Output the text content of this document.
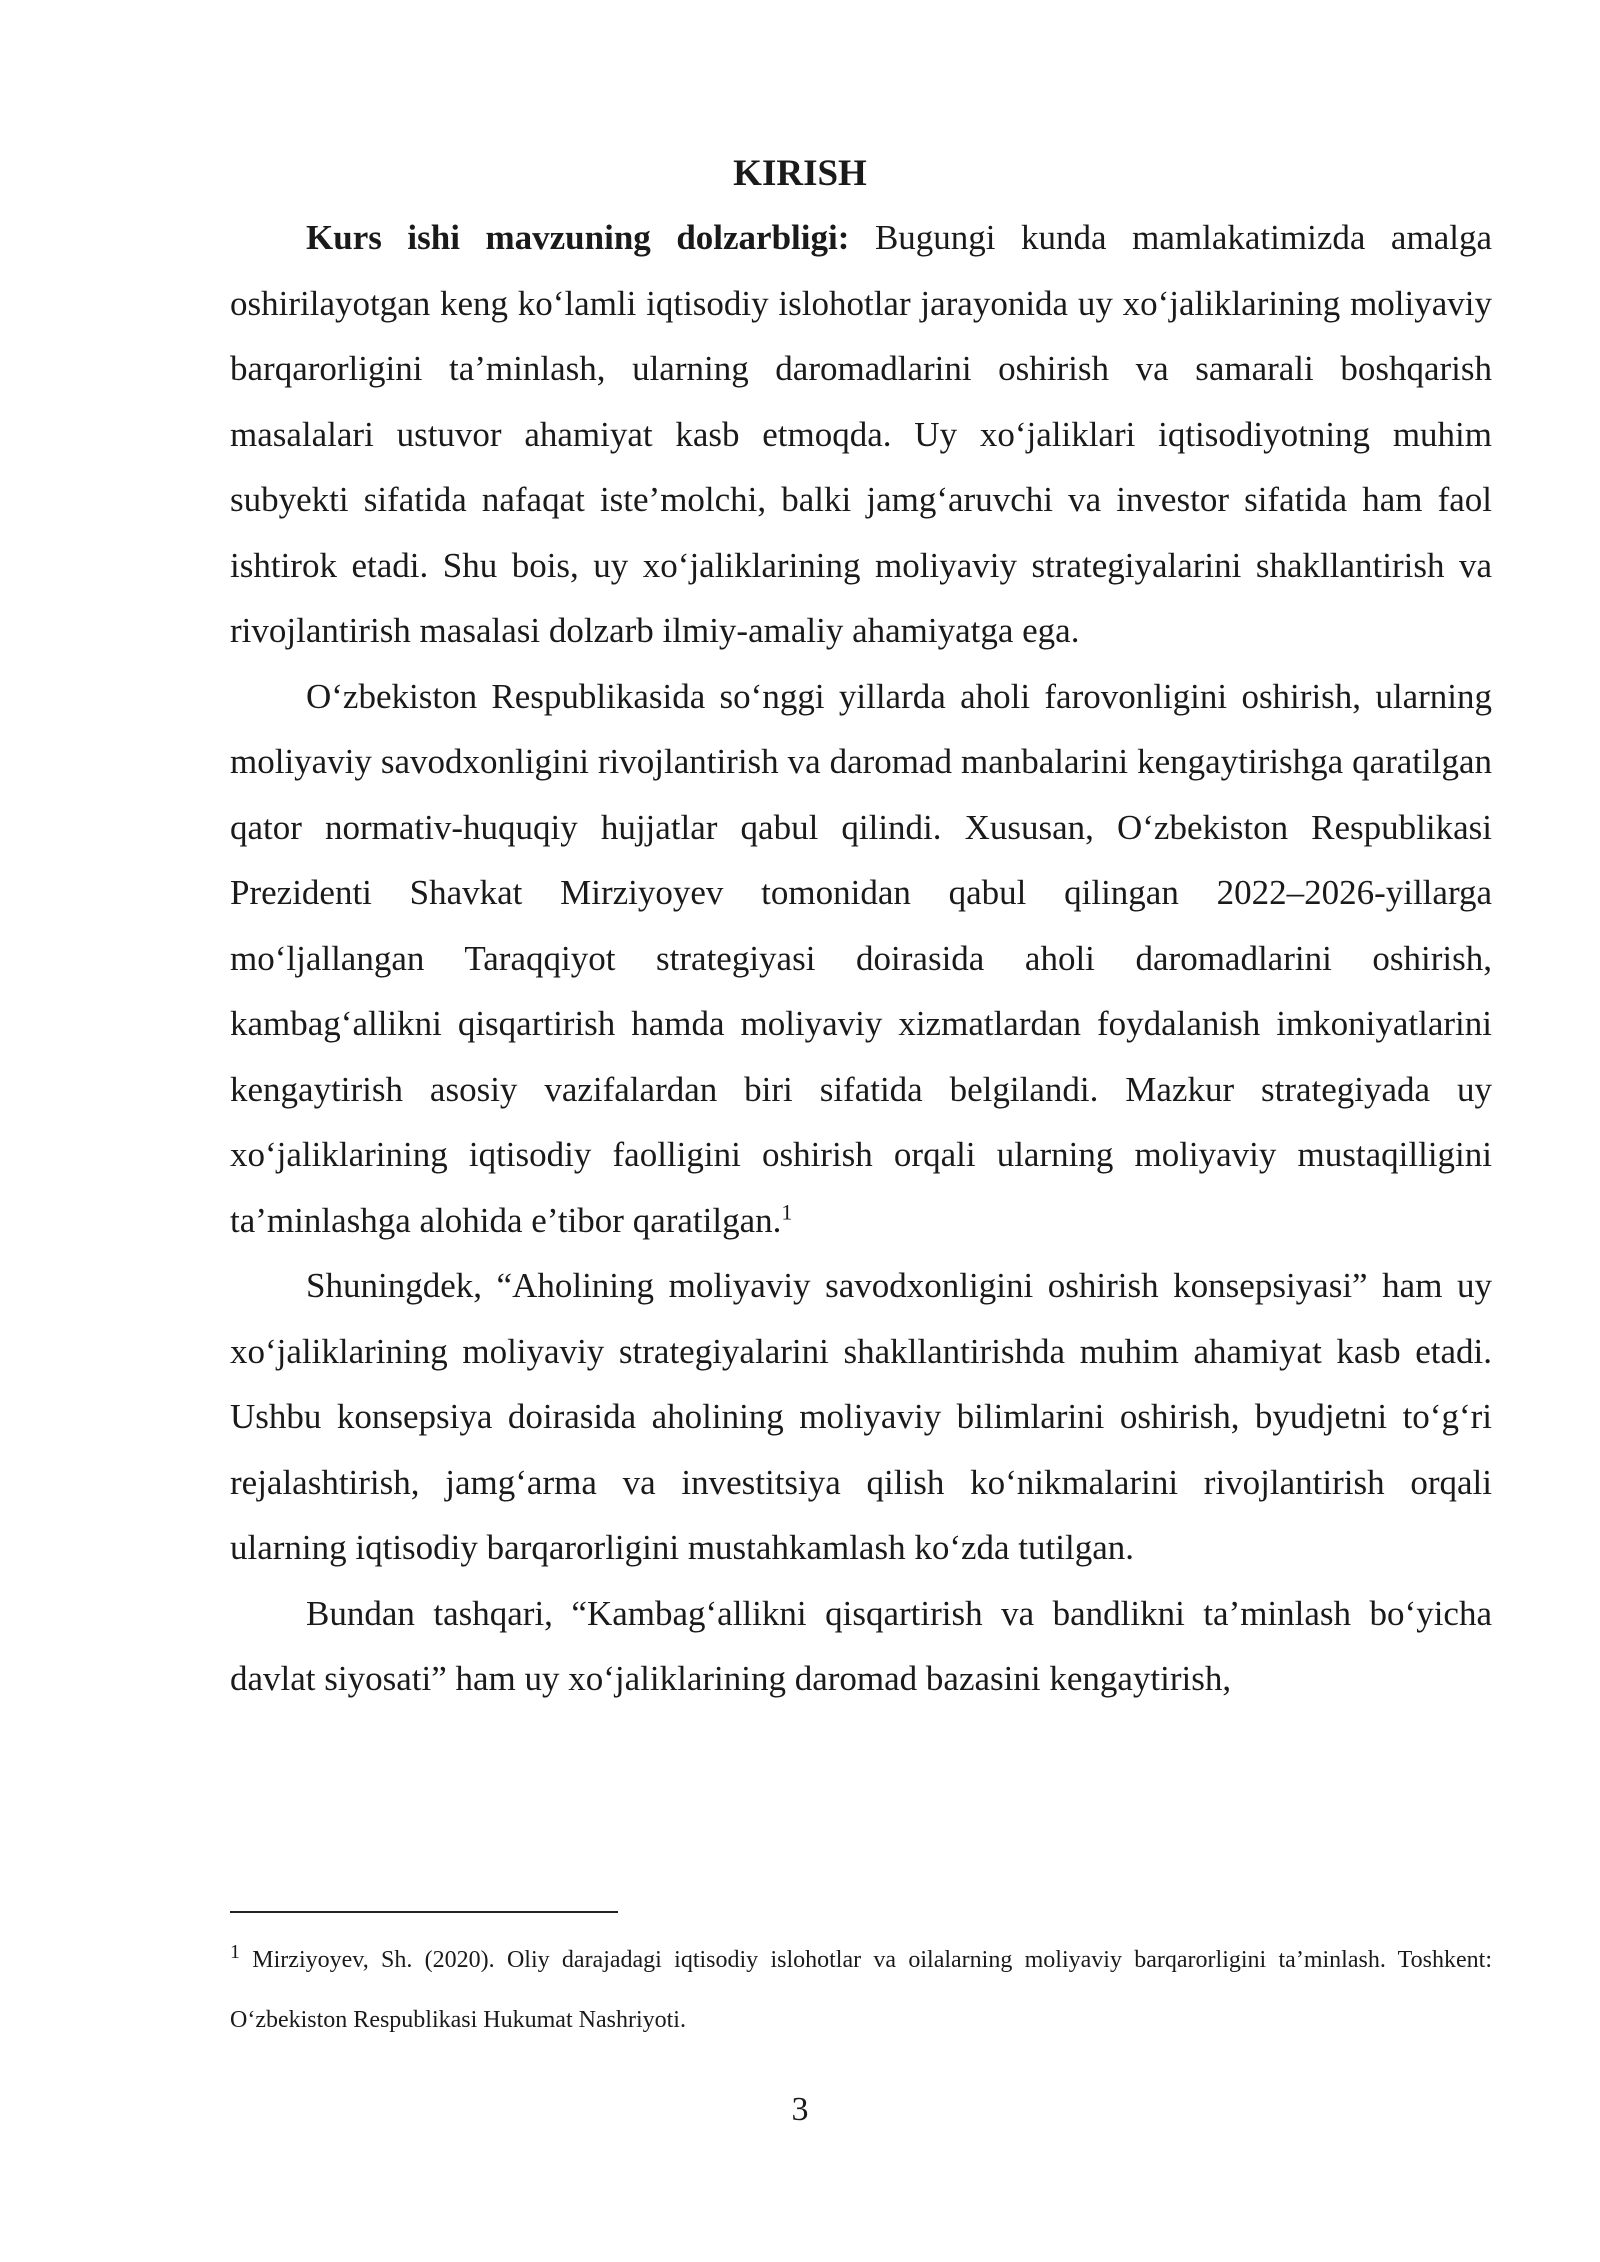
KIRISH

Kurs ishi mavzuning dolzarbligi: Bugungi kunda mamlakatimizda amalga oshirilayotgan keng ko‘lamli iqtisodiy islohotlar jarayonida uy xo‘jaliklarining moliyaviy barqarorligini ta’minlash, ularning daromadlarini oshirish va samarali boshqarish masalalari ustuvor ahamiyat kasb etmoqda. Uy xo‘jaliklari iqtisodiyotning muhim subyekti sifatida nafaqat iste’molchi, balki jamg‘aruvchi va investor sifatida ham faol ishtirok etadi. Shu bois, uy xo‘jaliklarining moliyaviy strategiyalarini shakllantirish va rivojlantirish masalasi dolzarb ilmiy-amaliy ahamiyatga ega.

O‘zbekiston Respublikasida so‘nggi yillarda aholi farovonligini oshirish, ularning moliyaviy savodxonligini rivojlantirish va daromad manbalarini kengaytirishga qaratilgan qator normativ-huquqiy hujjatlar qabul qilindi. Xususan, O‘zbekiston Respublikasi Prezidenti Shavkat Mirziyoyev tomonidan qabul qilingan 2022–2026-yillarga mo‘ljallangan Taraqqiyot strategiyasi doirasida aholi daromadlarini oshirish, kambag‘allikni qisqartirish hamda moliyaviy xizmatlardan foydalanish imkoniyatlarini kengaytirish asosiy vazifalardan biri sifatida belgilandi. Mazkur strategiyada uy xo‘jaliklarining iqtisodiy faolligini oshirish orqali ularning moliyaviy mustaqilligini ta’minlashga alohida e’tibor qaratilgan.$^1$

Shuningdek, “Aholining moliyaviy savodxonligini oshirish konsepsiyasi” ham uy xo‘jaliklarining moliyaviy strategiyalarini shakllantirishda muhim ahamiyat kasb etadi. Ushbu konsepsiya doirasida aholining moliyaviy bilimlarini oshirish, byudjetni to‘g‘ri rejalashtirish, jamg‘arma va investitsiya qilish ko‘nikmalarini rivojlantirish orqali ularning iqtisodiy barqarorligini mustahkamlash ko‘zda tutilgan.

Bundan tashqari, “Kambag‘allikni qisqartirish va bandlikni ta’minlash bo‘yicha davlat siyosati” ham uy xo‘jaliklarining daromad bazasini kengaytirish,

$^1$ Mirziyoyev, Sh. (2020). Oliy darajadagi iqtisodiy islohotlar va oilalarning moliyaviy barqarorligini ta’minlash. Toshkent: O‘zbekiston Respublikasi Hukumat Nashriyoti.

3
